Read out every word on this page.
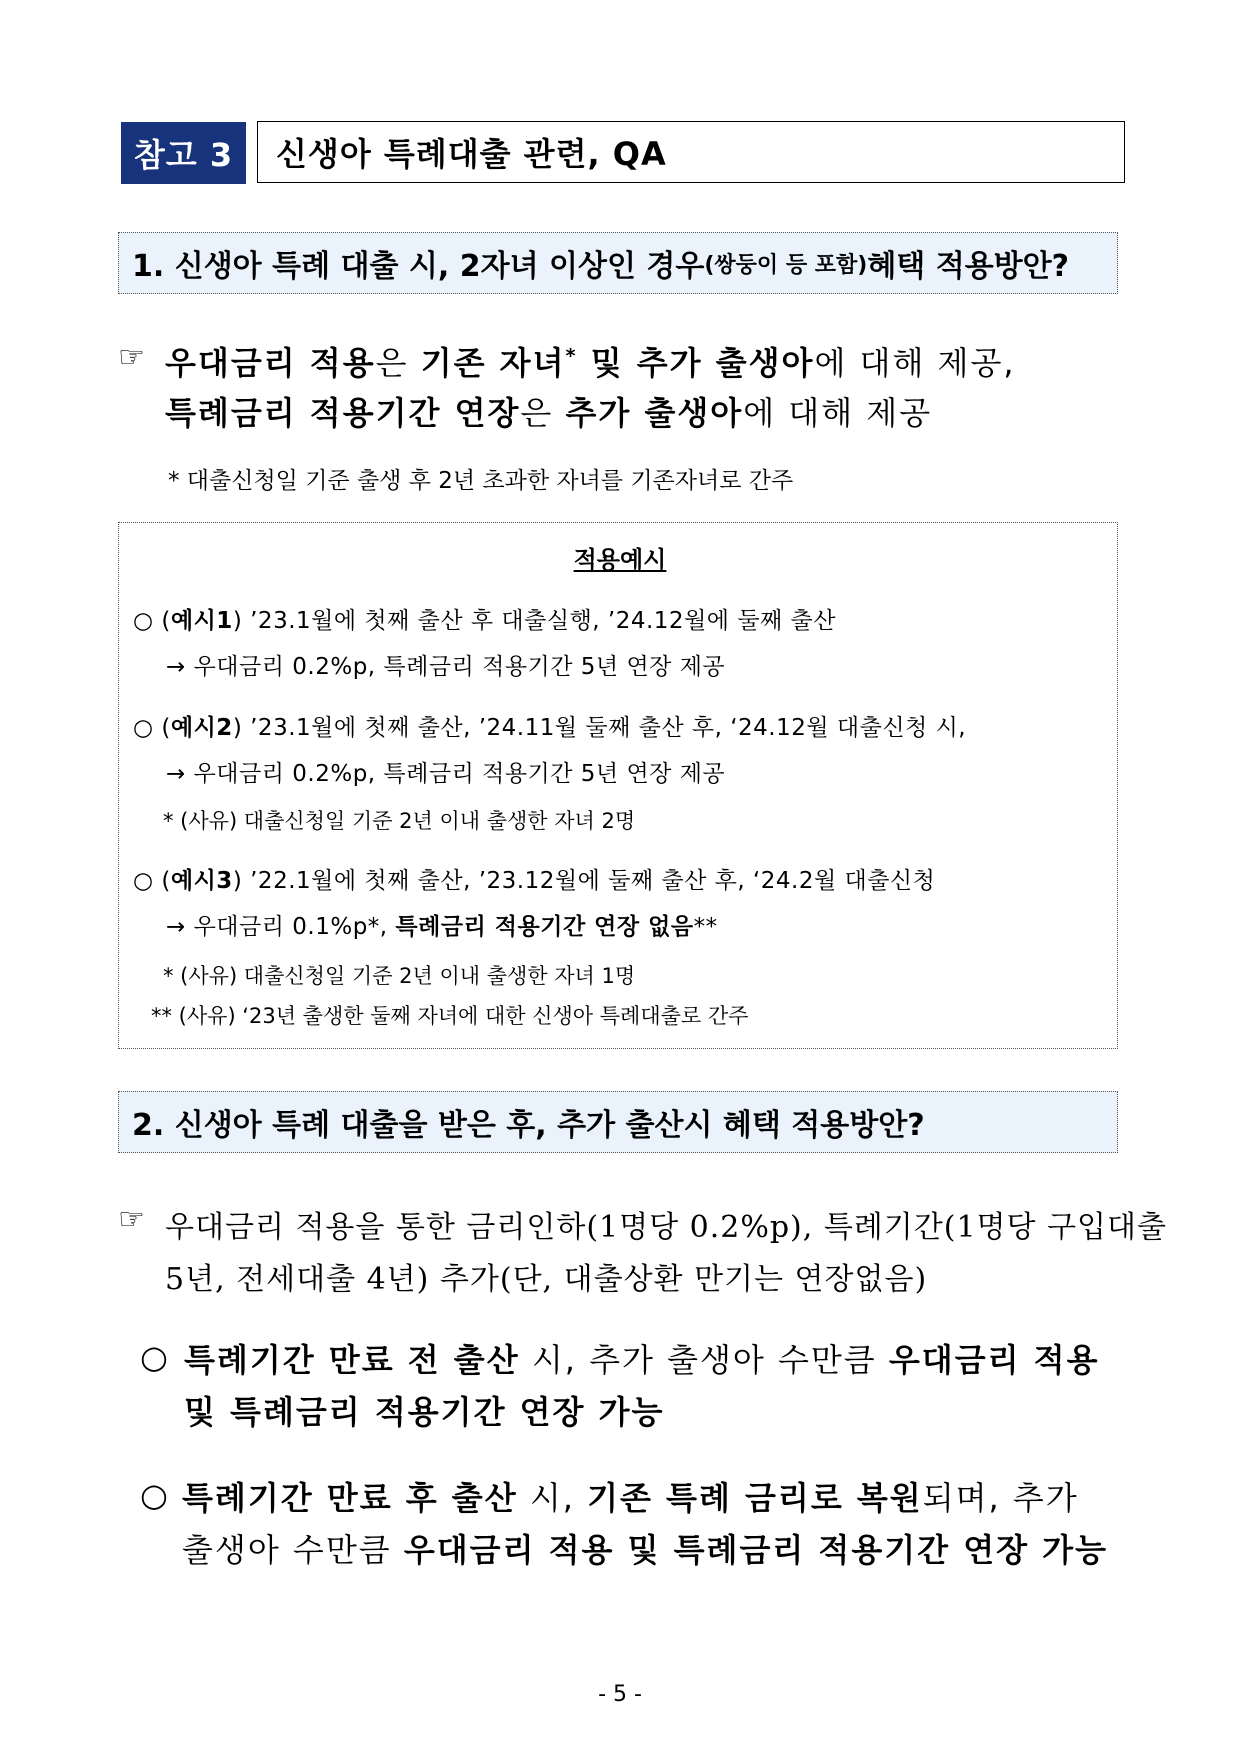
참고 3	신생아 특례대출 관련, QA
1. 신생아 특례 대출 시, 2자녀 이상인 경우 (쌍둥이 등 포함) 혜택 적용방안?
☞ 우대금리 적용은 기존 자녀* 및 추가 출생아에 대해 제공,
특례금리 적용기간 연장은 추가 출생아에 대해 제공
* 대출신청일 기준 출생 후 2년 초과한 자녀를 기존자녀로 간주
적용예시
○ (예시1) ’23.1월에 첫째 출산 후 대출실행, ’24.12월에 둘째 출산
→ 우대금리 0.2%p, 특례금리 적용기간 5년 연장 제공
○ (예시2) ’23.1월에 첫째 출산, ’24.11월 둘째 출산 후, ‘24.12월 대출신청 시,
→ 우대금리 0.2%p, 특례금리 적용기간 5년 연장 제공
* (사유) 대출신청일 기준 2년 이내 출생한 자녀 2명
○ (예시3) ’22.1월에 첫째 출산, ’23.12월에 둘째 출산 후, ‘24.2월 대출신청
→ 우대금리 0.1%p*, 특례금리 적용기간 연장 없음**
* (사유) 대출신청일 기준 2년 이내 출생한 자녀 1명
** (사유) ‘23년 출생한 둘째 자녀에 대한 신생아 특례대출로 간주
2. 신생아 특례 대출을 받은 후, 추가 출산시 혜택 적용방안?
☞ 우대금리 적용을 통한 금리인하(1명당 0.2%p), 특례기간(1명당 구입대출
5년, 전세대출 4년) 추가(단, 대출상환 만기는 연장없음)
○ 특례기간 만료 전 출산 시, 추가 출생아 수만큼 우대금리 적용
및 특례금리 적용기간 연장 가능
○ 특례기간 만료 후 출산 시, 기존 특례 금리로 복원되며, 추가
출생아 수만큼 우대금리 적용 및 특례금리 적용기간 연장 가능
- 5 -
